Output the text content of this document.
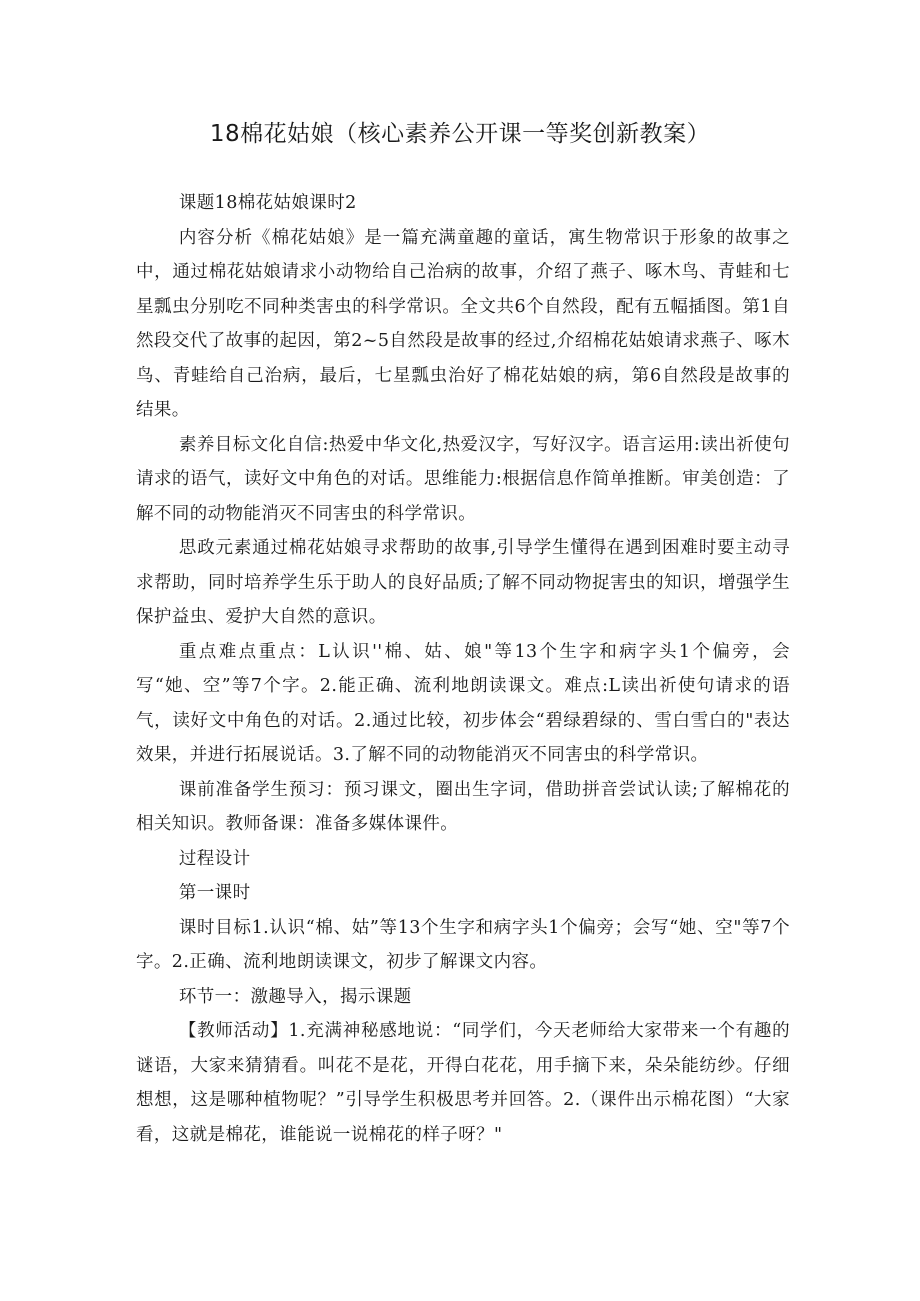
18棉花姑娘（核心素养公开课一等奖创新教案）

课题18棉花姑娘课时2

内容分析《棉花姑娘》是一篇充满童趣的童话，寓生物常识于形象的故事之中，通过棉花姑娘请求小动物给自己治病的故事，介绍了燕子、啄木鸟、青蛙和七星瓢虫分别吃不同种类害虫的科学常识。全文共6个自然段，配有五幅插图。第1自然段交代了故事的起因，第2~5自然段是故事的经过,介绍棉花姑娘请求燕子、啄木鸟、青蛙给自己治病，最后，七星瓢虫治好了棉花姑娘的病，第6自然段是故事的结果。

素养目标文化自信:热爱中华文化,热爱汉字，写好汉字。语言运用:读出祈使句请求的语气，读好文中角色的对话。思维能力:根据信息作简单推断。审美创造：了解不同的动物能消灭不同害虫的科学常识。

思政元素通过棉花姑娘寻求帮助的故事,引导学生懂得在遇到困难时要主动寻求帮助，同时培养学生乐于助人的良好品质;了解不同动物捉害虫的知识，增强学生保护益虫、爱护大自然的意识。

重点难点重点：L认识''棉、姑、娘"等13个生字和病字头1个偏旁，会写“她、空”等7个字。2.能正确、流利地朗读课文。难点:L读出祈使句请求的语气，读好文中角色的对话。2.通过比较，初步体会“碧绿碧绿的、雪白雪白的"表达效果，并进行拓展说话。3.了解不同的动物能消灭不同害虫的科学常识。

课前准备学生预习：预习课文，圈出生字词，借助拼音尝试认读;了解棉花的相关知识。教师备课：准备多媒体课件。

过程设计

第一课时

课时目标1.认识“棉、姑”等13个生字和病字头1个偏旁；会写“她、空"等7个字。2.正确、流利地朗读课文，初步了解课文内容。

环节一：激趣导入，揭示课题

【教师活动】1.充满神秘感地说：“同学们，今天老师给大家带来一个有趣的谜语，大家来猜猜看。叫花不是花，开得白花花，用手摘下来，朵朵能纺纱。仔细想想，这是哪种植物呢？”引导学生积极思考并回答。2.（课件出示棉花图）“大家看，这就是棉花，谁能说一说棉花的样子呀？"
